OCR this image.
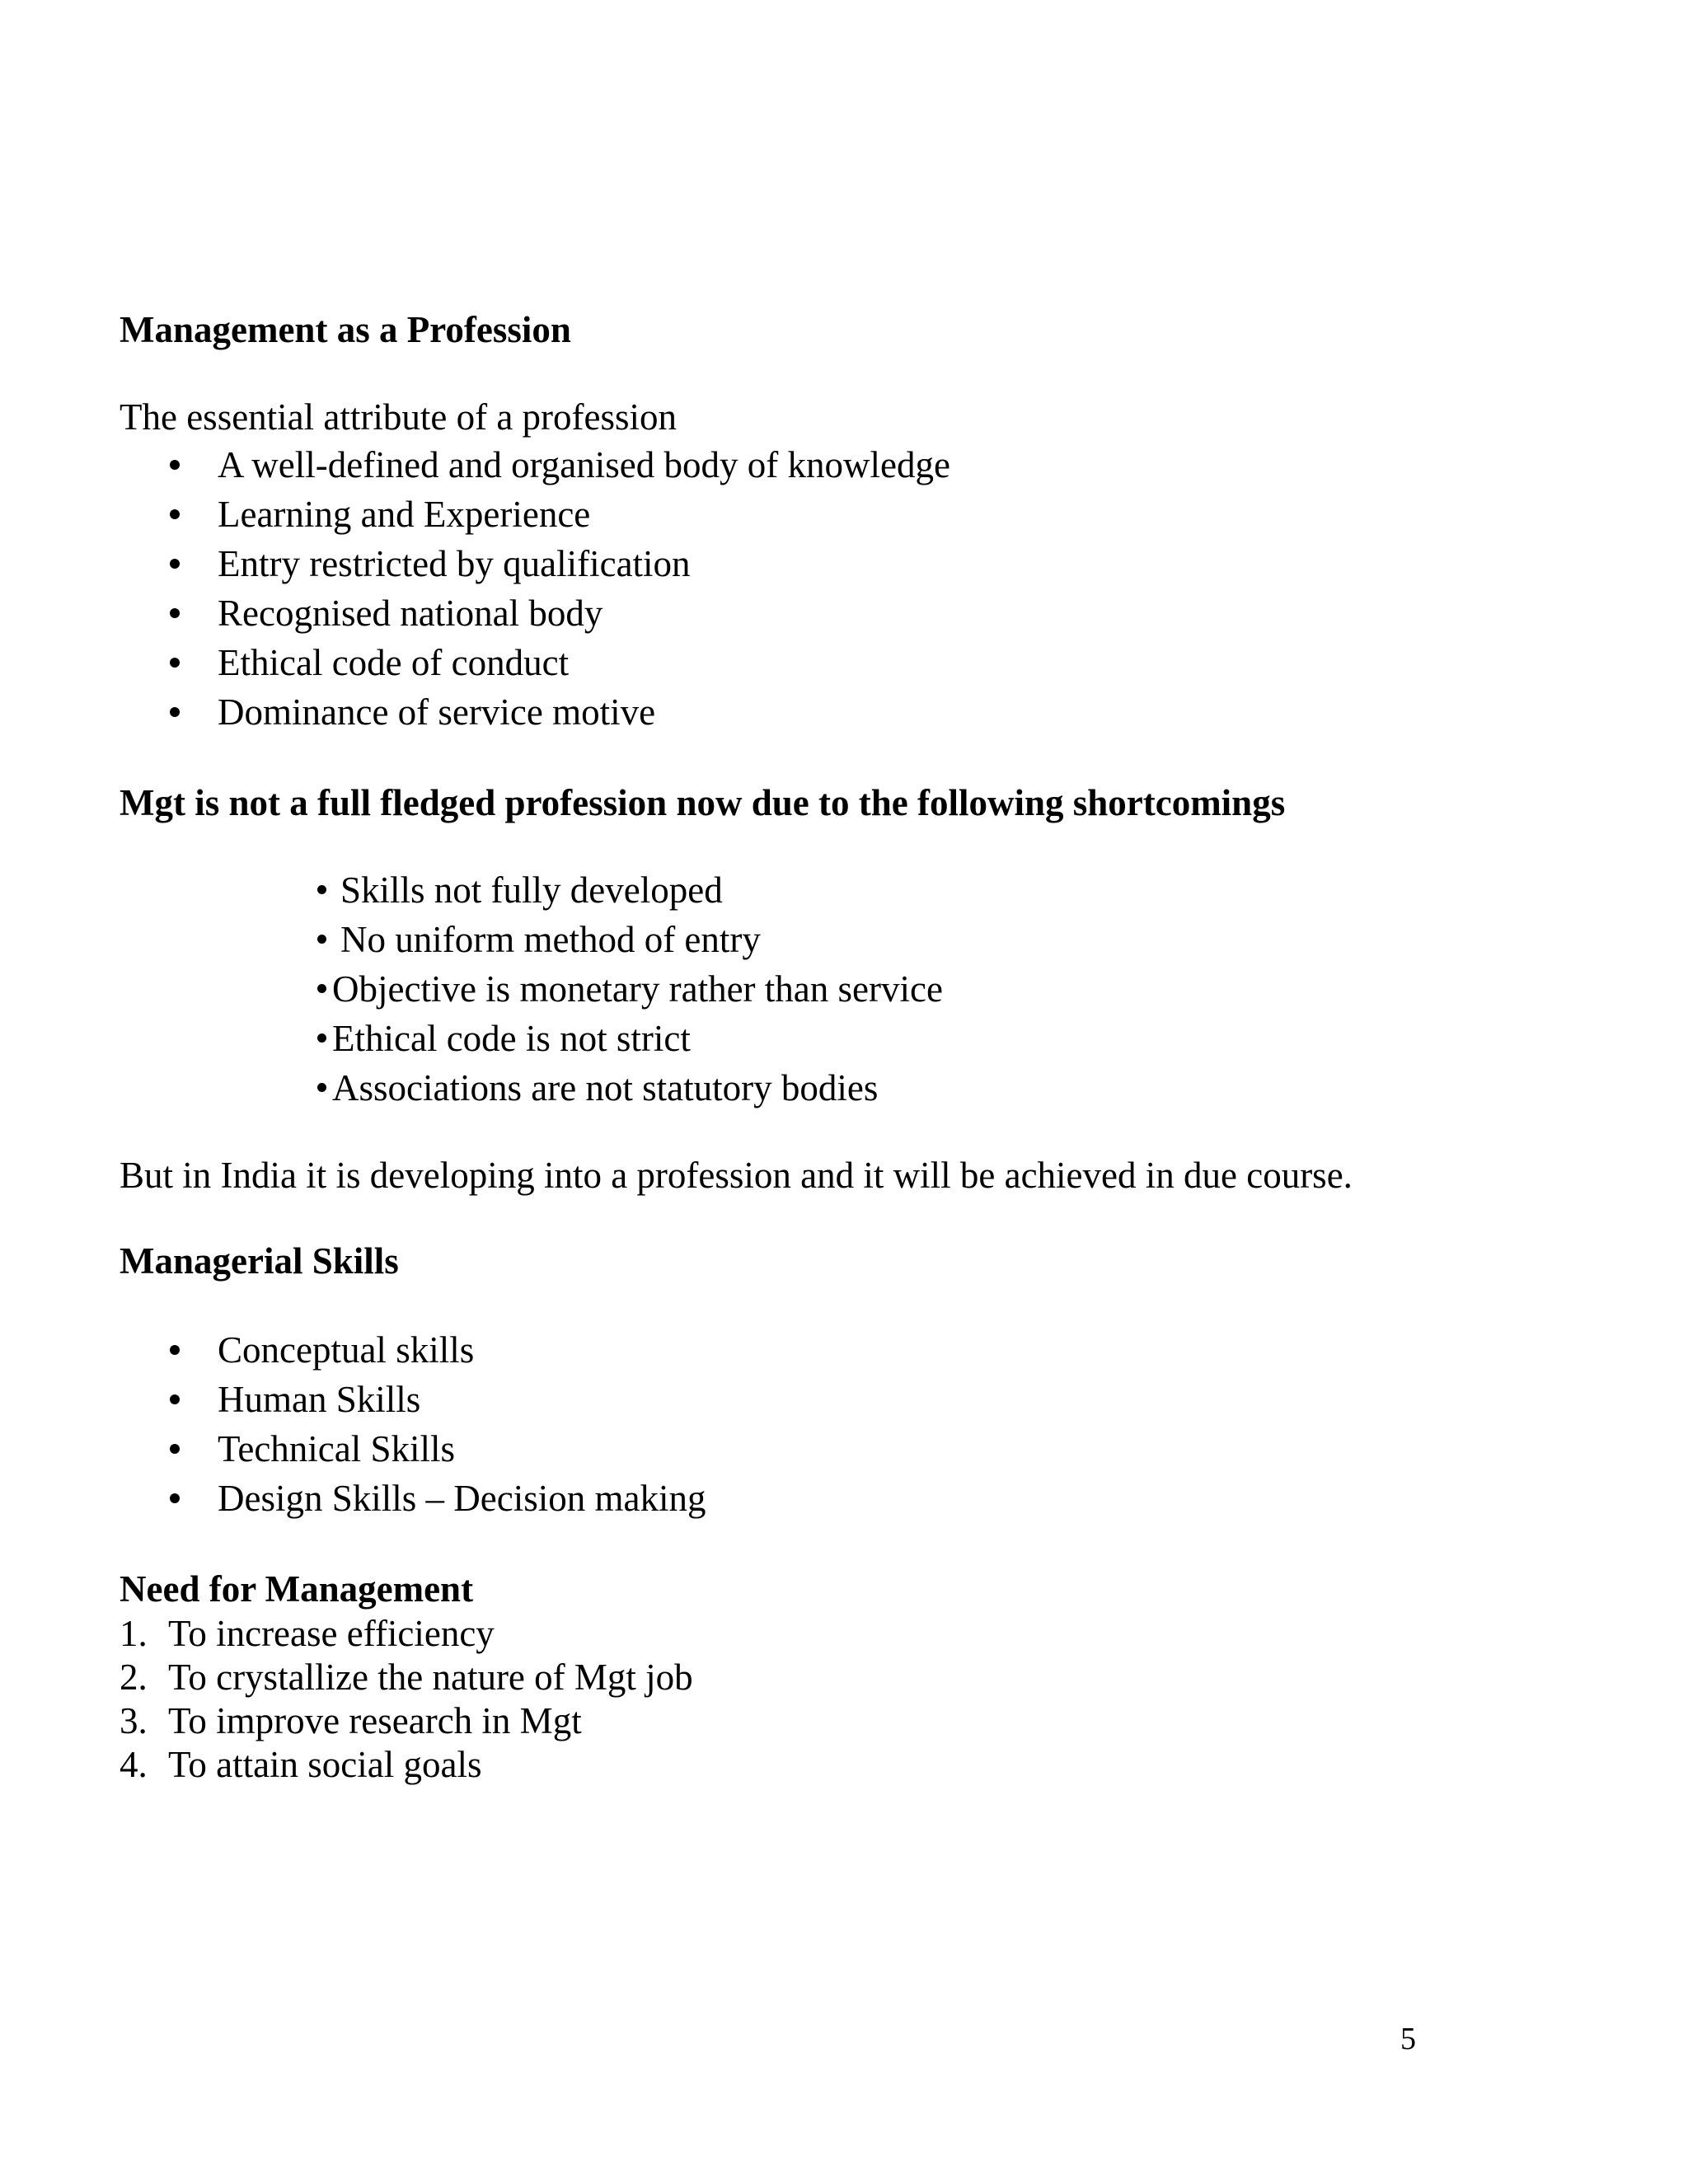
Management as a Profession
The essential attribute of a profession
A well-defined and organised body of knowledge
Learning and Experience
Entry restricted by qualification
Recognised national body
Ethical code of conduct
Dominance of service motive
Mgt is not a full fledged profession now due to the following shortcomings
Skills not fully developed
No uniform method of entry
Objective is monetary rather than service
Ethical code is not strict
Associations are not statutory bodies
But in India it is developing into a profession and it will be achieved in due course.
Managerial Skills
Conceptual skills
Human Skills
Technical Skills
Design Skills – Decision making
Need for Management
1. To increase efficiency
2. To crystallize the nature of Mgt job
3. To improve research in Mgt
4. To attain social goals
5
